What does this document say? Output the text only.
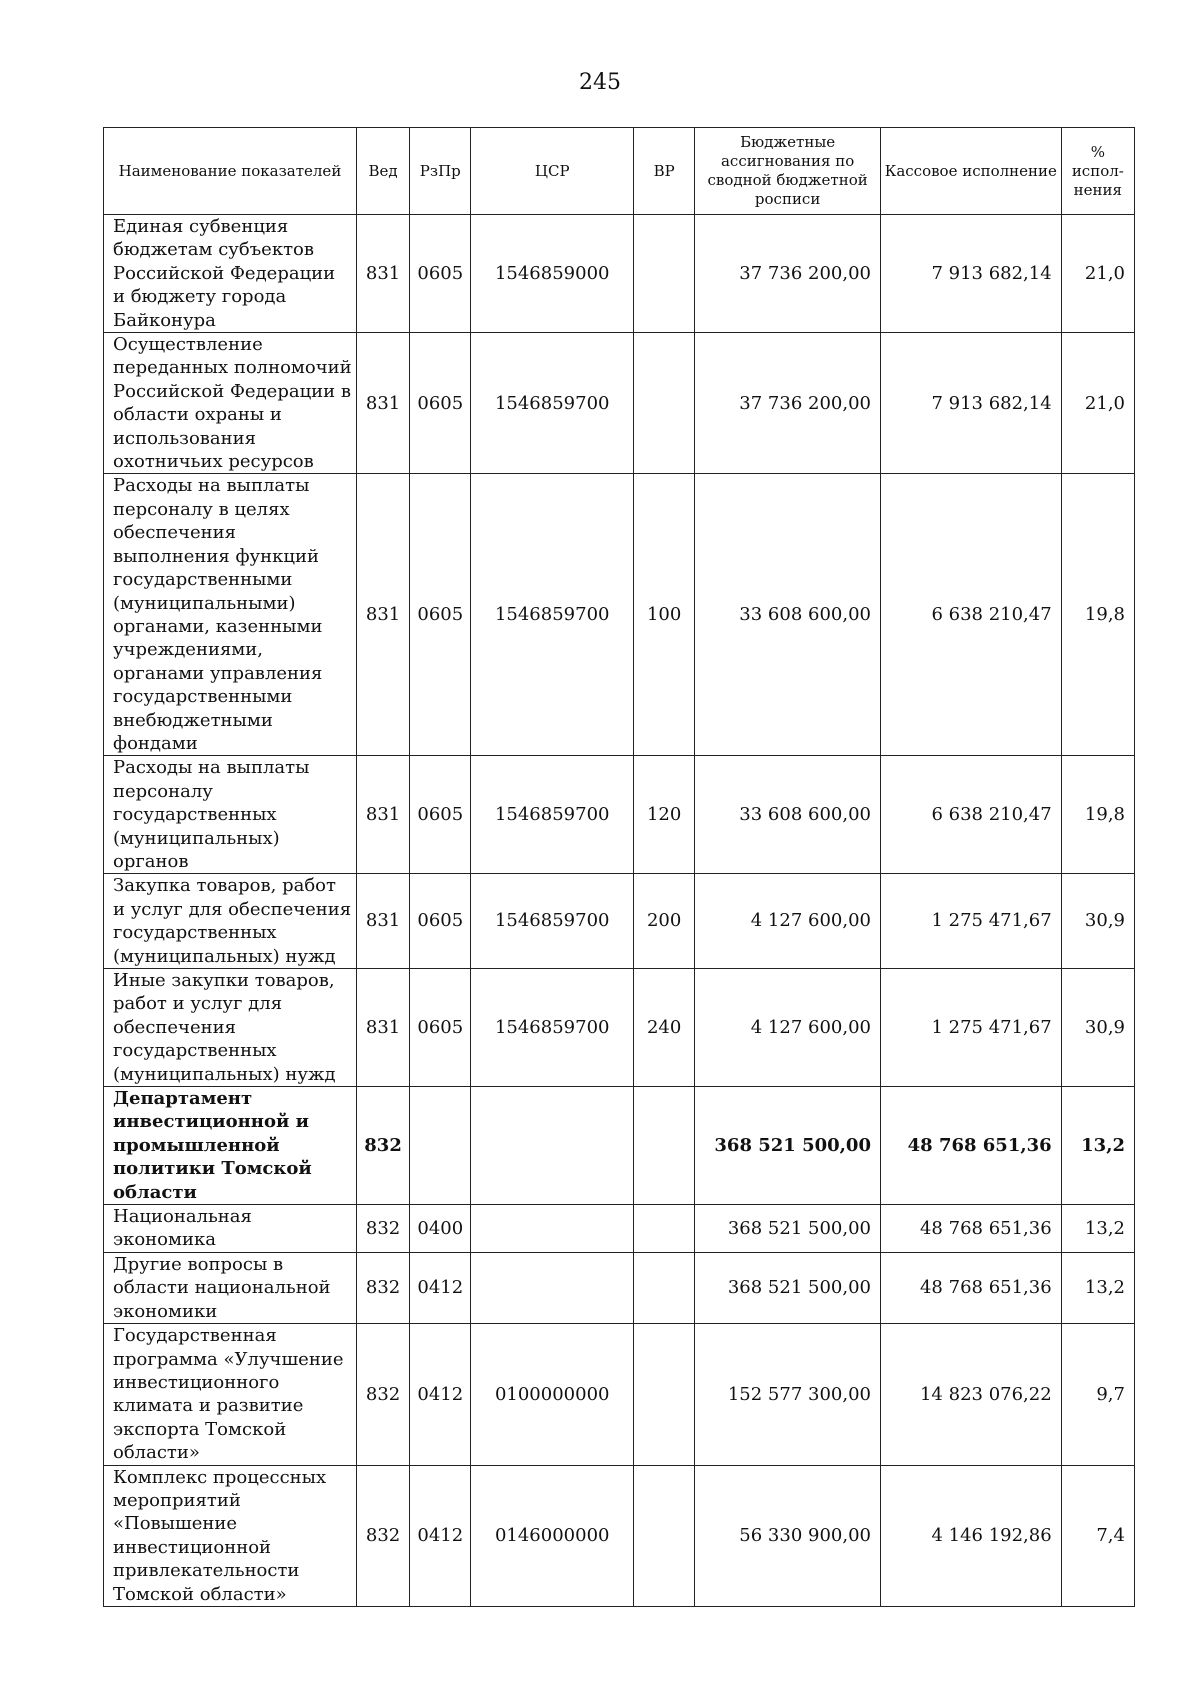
245
Наименование показателей	Вед	РзПр	ЦСР	ВР	Бюджетные ассигнования по сводной бюджетной росписи	Кассовое исполнение	% испол-нения
Единая субвенция бюджетам субъектов Российской Федерации и бюджету города Байконура	831	0605	1546859000		37 736 200,00	7 913 682,14	21,0
Осуществление переданных полномочий Российской Федерации в области охраны и использования охотничьих ресурсов	831	0605	1546859700		37 736 200,00	7 913 682,14	21,0
Расходы на выплаты персоналу в целях обеспечения выполнения функций государственными (муниципальными) органами, казенными учреждениями, органами управления государственными внебюджетными фондами	831	0605	1546859700	100	33 608 600,00	6 638 210,47	19,8
Расходы на выплаты персоналу государственных (муниципальных) органов	831	0605	1546859700	120	33 608 600,00	6 638 210,47	19,8
Закупка товаров, работ и услуг для обеспечения государственных (муниципальных) нужд	831	0605	1546859700	200	4 127 600,00	1 275 471,67	30,9
Иные закупки товаров, работ и услуг для обеспечения государственных (муниципальных) нужд	831	0605	1546859700	240	4 127 600,00	1 275 471,67	30,9
Департамент инвестиционной и промышленной политики Томской области	832				368 521 500,00	48 768 651,36	13,2
Национальная экономика	832	0400			368 521 500,00	48 768 651,36	13,2
Другие вопросы в области национальной экономики	832	0412			368 521 500,00	48 768 651,36	13,2
Государственная программа «Улучшение инвестиционного климата и развитие экспорта Томской области»	832	0412	0100000000		152 577 300,00	14 823 076,22	9,7
Комплекс процессных мероприятий «Повышение инвестиционной привлекательности Томской области»	832	0412	0146000000		56 330 900,00	4 146 192,86	7,4
